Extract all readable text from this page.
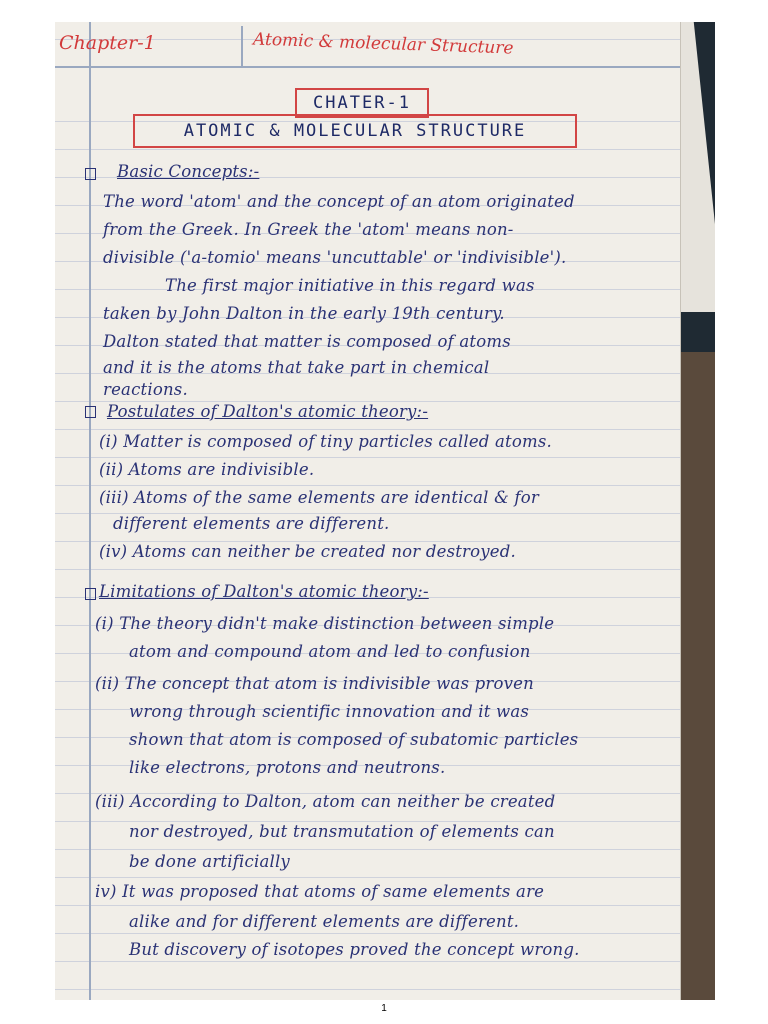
Chapter-1	Atomic & molecular Structure
CHATER-1
ATOMIC & MOLECULAR STRUCTURE
Basic Concepts:-
The word 'atom' and the concept of an atom originated
from the Greek. In Greek the 'atom' means non-
divisible ('a-tomio' means 'uncuttable' or 'indivisible').
The first major initiative in this regard was
taken by John Dalton in the early 19th century.
Dalton stated that matter is composed of atoms
and it is the atoms that take part in chemical
reactions.
Postulates of Dalton's atomic theory:-
(i) Matter is composed of tiny particles called atoms.
(ii) Atoms are indivisible.
(iii) Atoms of the same elements are identical & for
different elements are different.
(iv) Atoms can neither be created nor destroyed.
Limitations of Dalton's atomic theory:-
(i) The theory didn't make distinction between simple
atom and compound atom and led to confusion
(ii) The concept that atom is indivisible was proven
wrong through scientific innovation and it was
shown that atom is composed of subatomic particles
like electrons, protons and neutrons.
(iii) According to Dalton, atom can neither be created
nor destroyed, but transmutation of elements can
be done artificially
iv) It was proposed that atoms of same elements are
alike and for different elements are different.
But discovery of isotopes proved the concept wrong.
1
